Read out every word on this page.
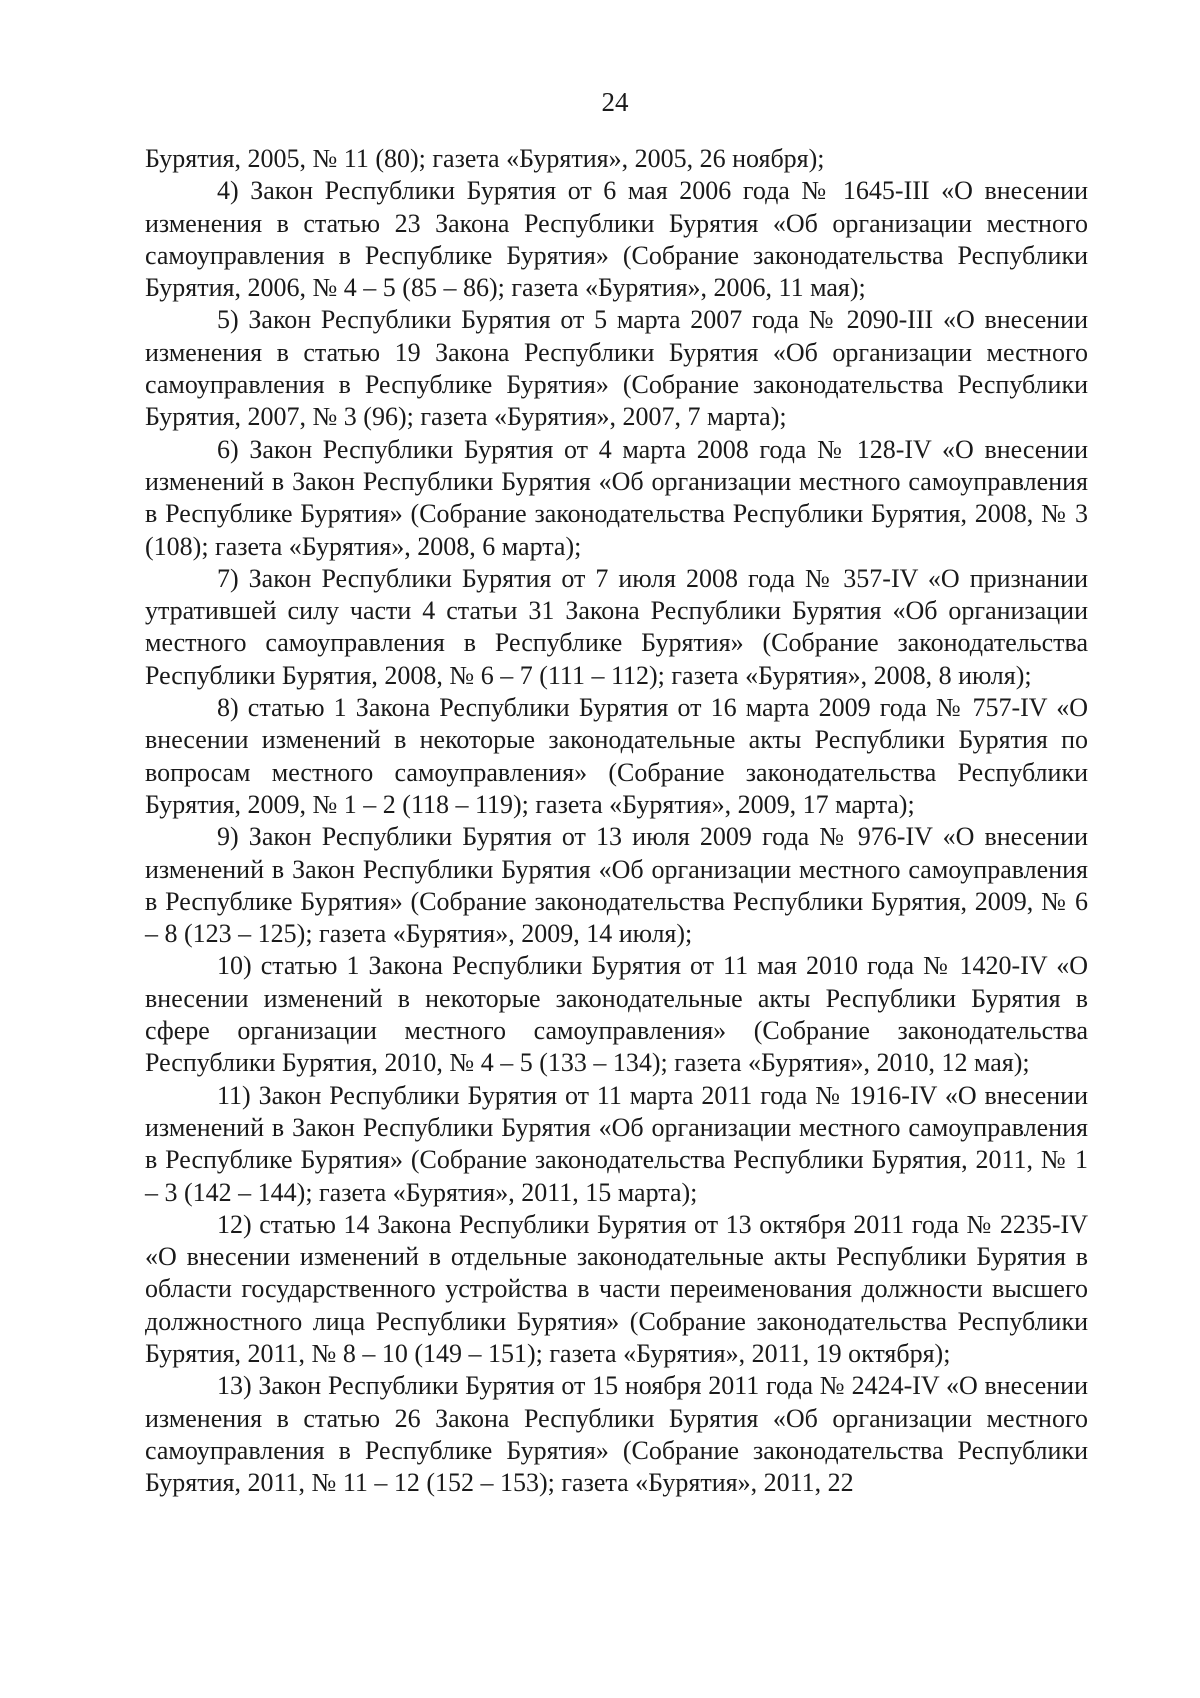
24

Бурятия, 2005, № 11 (80); газета «Бурятия», 2005, 26 ноября);

4) Закон Республики Бурятия от 6 мая 2006 года № 1645-III «О внесении изменения в статью 23 Закона Республики Бурятия «Об организации местного самоуправления в Республике Бурятия» (Собрание законодательства Республики Бурятия, 2006, № 4 – 5 (85 – 86); газета «Бурятия», 2006, 11 мая);

5) Закон Республики Бурятия от 5 марта 2007 года № 2090-III «О внесении изменения в статью 19 Закона Республики Бурятия «Об организации местного самоуправления в Республике Бурятия» (Собрание законодательства Республики Бурятия, 2007, № 3 (96); газета «Бурятия», 2007, 7 марта);

6) Закон Республики Бурятия от 4 марта 2008 года № 128-IV «О внесении изменений в Закон Республики Бурятия «Об организации местного самоуправления в Республике Бурятия» (Собрание законодательства Республики Бурятия, 2008, № 3 (108); газета «Бурятия», 2008, 6 марта);

7) Закон Республики Бурятия от 7 июля 2008 года № 357-IV «О признании утратившей силу части 4 статьи 31 Закона Республики Бурятия «Об организации местного самоуправления в Республике Бурятия» (Собрание законодательства Республики Бурятия, 2008, № 6 – 7 (111 – 112); газета «Бурятия», 2008, 8 июля);

8) статью 1 Закона Республики Бурятия от 16 марта 2009 года № 757-IV «О внесении изменений в некоторые законодательные акты Республики Бурятия по вопросам местного самоуправления» (Собрание законодательства Республики Бурятия, 2009, № 1 – 2 (118 – 119); газета «Бурятия», 2009, 17 марта);

9) Закон Республики Бурятия от 13 июля 2009 года № 976-IV «О внесении изменений в Закон Республики Бурятия «Об организации местного самоуправления в Республике Бурятия» (Собрание законодательства Республики Бурятия, 2009, № 6 – 8 (123 – 125); газета «Бурятия», 2009, 14 июля);

10) статью 1 Закона Республики Бурятия от 11 мая 2010 года № 1420-IV «О внесении изменений в некоторые законодательные акты Республики Бурятия в сфере организации местного самоуправления» (Собрание законодательства Республики Бурятия, 2010, № 4 – 5 (133 – 134); газета «Бурятия», 2010, 12 мая);

11) Закон Республики Бурятия от 11 марта 2011 года № 1916-IV «О внесении изменений в Закон Республики Бурятия «Об организации местного самоуправления в Республике Бурятия» (Собрание законодательства Республики Бурятия, 2011, № 1 – 3 (142 – 144); газета «Бурятия», 2011, 15 марта);

12) статью 14 Закона Республики Бурятия от 13 октября 2011 года № 2235-IV «О внесении изменений в отдельные законодательные акты Республики Бурятия в области государственного устройства в части переименования должности высшего должностного лица Республики Бурятия» (Собрание законодательства Республики Бурятия, 2011, № 8 – 10 (149 – 151); газета «Бурятия», 2011, 19 октября);

13) Закон Республики Бурятия от 15 ноября 2011 года № 2424-IV «О внесении изменения в статью 26 Закона Республики Бурятия «Об организации местного самоуправления в Республике Бурятия» (Собрание законодательства Республики Бурятия, 2011, № 11 – 12 (152 – 153); газета «Бурятия», 2011, 22
